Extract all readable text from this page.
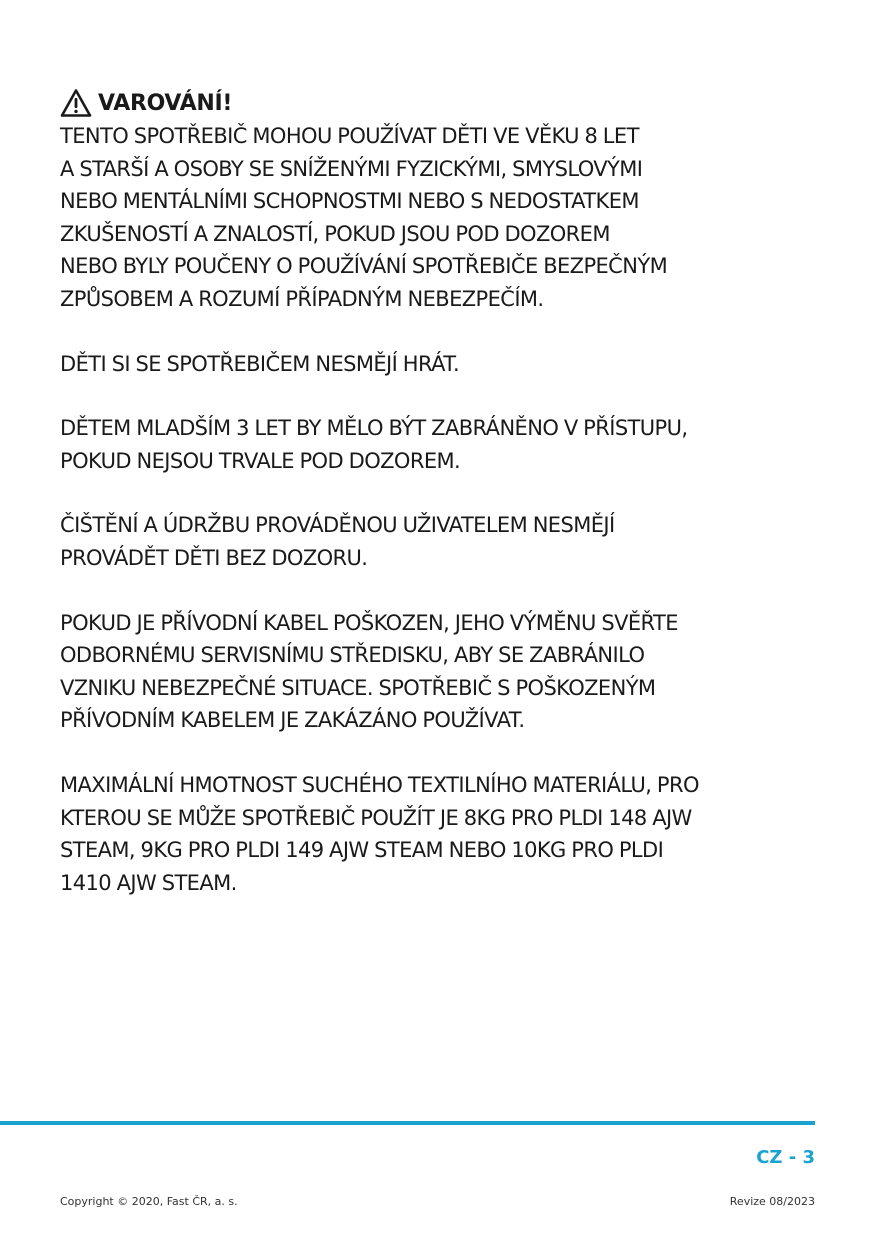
VAROVÁNÍ!

TENTO SPOTŘEBIČ MOHOU POUŽÍVAT DĚTI VE VĚKU 8 LET
A STARŠÍ A OSOBY SE SNÍŽENÝMI FYZICKÝMI, SMYSLOVÝMI
NEBO MENTÁLNÍMI SCHOPNOSTMI NEBO S NEDOSTATKEM
ZKUŠENOSTÍ A ZNALOSTÍ, POKUD JSOU POD DOZOREM
NEBO BYLY POUČENY O POUŽÍVÁNÍ SPOTŘEBIČE BEZPEČNÝM
ZPŮSOBEM A ROZUMÍ PŘÍPADNÝM NEBEZPEČÍM.

DĚTI SI SE SPOTŘEBIČEM NESMĚJÍ HRÁT.

DĚTEM MLADŠÍM 3 LET BY MĚLO BÝT ZABRÁNĚNO V PŘÍSTUPU,
POKUD NEJSOU TRVALE POD DOZOREM.

ČIŠTĚNÍ A ÚDRŽBU PROVÁDĚNOU UŽIVATELEM NESMĚJÍ
PROVÁDĚT DĚTI BEZ DOZORU.

POKUD JE PŘÍVODNÍ KABEL POŠKOZEN, JEHO VÝMĚNU SVĚŘTE
ODBORNÉMU SERVISNÍMU STŘEDISKU, ABY SE ZABRÁNILO
VZNIKU NEBEZPEČNÉ SITUACE. SPOTŘEBIČ S POŠKOZENÝM
PŘÍVODNÍM KABELEM JE ZAKÁZÁNO POUŽÍVAT.

MAXIMÁLNÍ HMOTNOST SUCHÉHO TEXTILNÍHO MATERIÁLU, PRO
KTEROU SE MŮŽE SPOTŘEBIČ POUŽÍT JE 8KG PRO PLDI 148 AJW
STEAM, 9KG PRO PLDI 149 AJW STEAM NEBO 10KG PRO PLDI
1410 AJW STEAM.

CZ - 3
Copyright © 2020, Fast ČR, a. s.	Revize 08/2023
